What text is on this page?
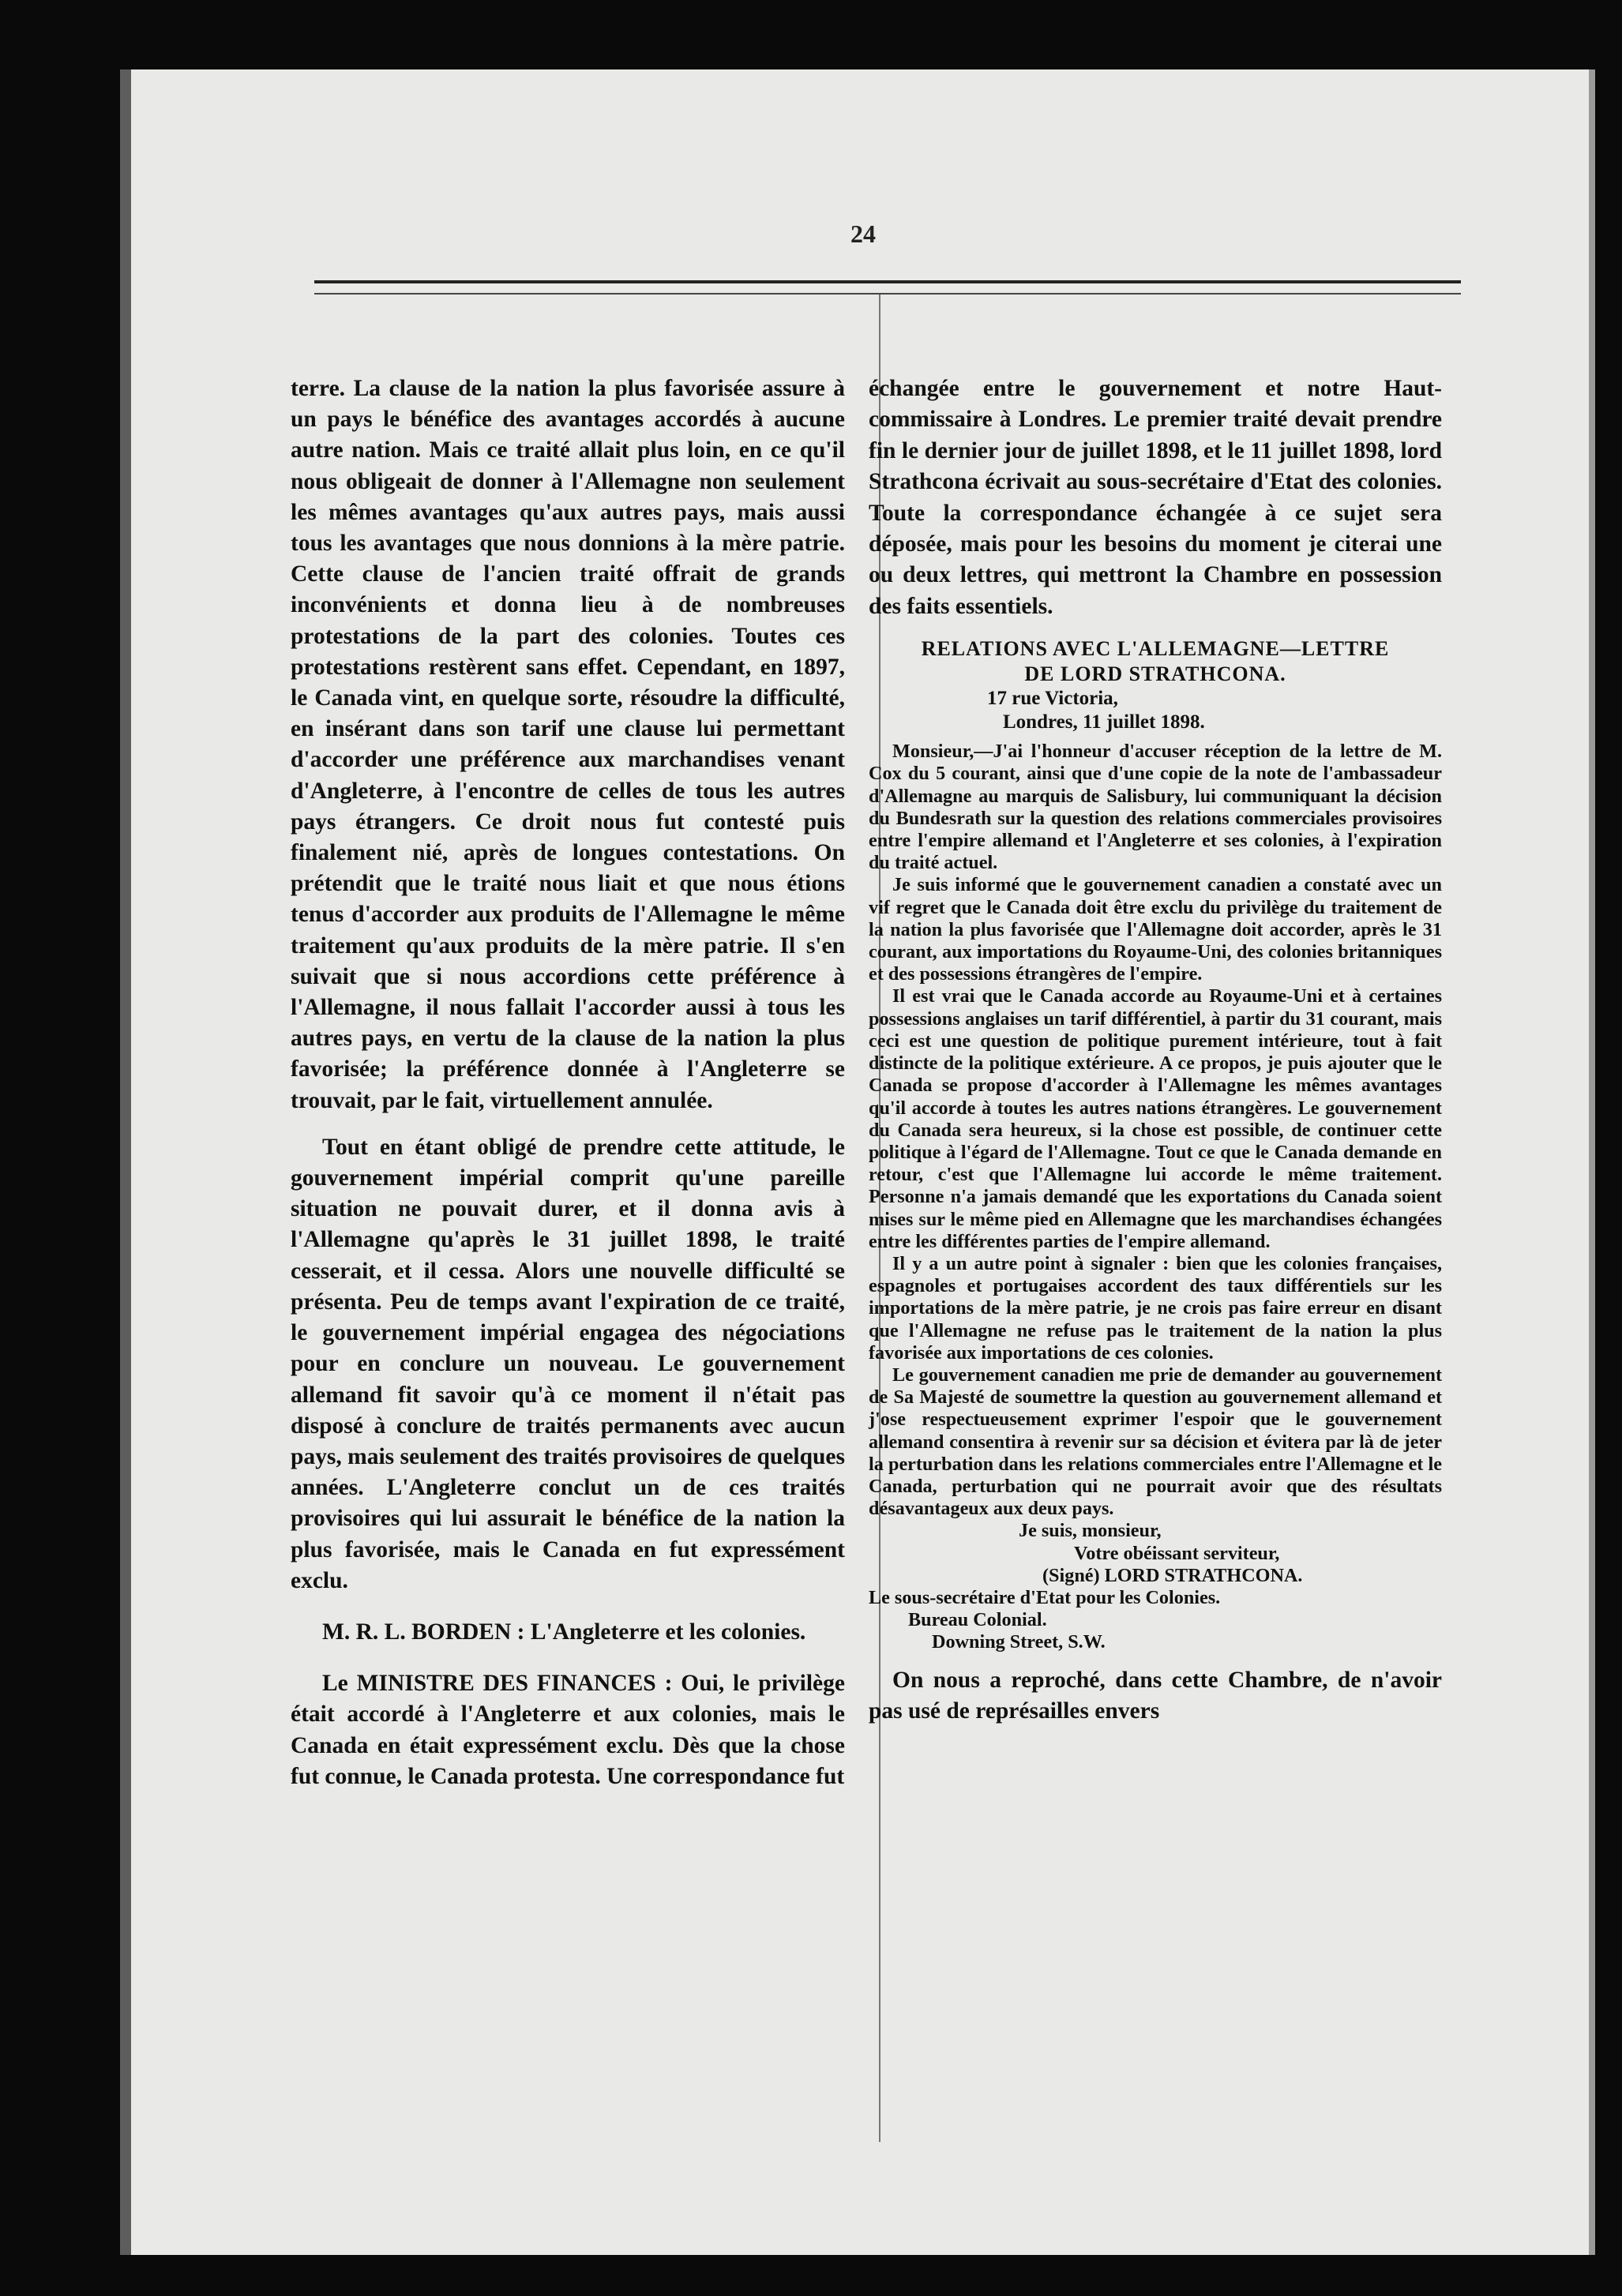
24

terre. La clause de la nation la plus favorisée assure à un pays le bénéfice des avantages accordés à aucune autre nation. Mais ce traité allait plus loin, en ce qu'il nous obligeait de donner à l'Allemagne non seulement les mêmes avantages qu'aux autres pays, mais aussi tous les avantages que nous donnions à la mère patrie. Cette clause de l'ancien traité offrait de grands inconvénients et donna lieu à de nombreuses protestations de la part des colonies. Toutes ces protestations restèrent sans effet. Cependant, en 1897, le Canada vint, en quelque sorte, résoudre la difficulté, en insérant dans son tarif une clause lui permettant d'accorder une préférence aux marchandises venant d'Angleterre, à l'encontre de celles de tous les autres pays étrangers. Ce droit nous fut contesté puis finalement nié, après de longues contestations. On prétendit que le traité nous liait et que nous étions tenus d'accorder aux produits de l'Allemagne le même traitement qu'aux produits de la mère patrie. Il s'en suivait que si nous accordions cette préférence à l'Allemagne, il nous fallait l'accorder aussi à tous les autres pays, en vertu de la clause de la nation la plus favorisée; la préférence donnée à l'Angleterre se trouvait, par le fait, virtuellement annulée.

Tout en étant obligé de prendre cette attitude, le gouvernement impérial comprit qu'une pareille situation ne pouvait durer, et il donna avis à l'Allemagne qu'après le 31 juillet 1898, le traité cesserait, et il cessa. Alors une nouvelle difficulté se présenta. Peu de temps avant l'expiration de ce traité, le gouvernement impérial engagea des négociations pour en conclure un nouveau. Le gouvernement allemand fit savoir qu'à ce moment il n'était pas disposé à conclure de traités permanents avec aucun pays, mais seulement des traités provisoires de quelques années. L'Angleterre conclut un de ces traités provisoires qui lui assurait le bénéfice de la nation la plus favorisée, mais le Canada en fut expressément exclu.

M. R. L. BORDEN : L'Angleterre et les colonies.

Le MINISTRE DES FINANCES : Oui, le privilège était accordé à l'Angleterre et aux colonies, mais le Canada en était expressément exclu. Dès que la chose fut connue, le Canada protesta. Une correspondance fut

échangée entre le gouvernement et notre Haut-commissaire à Londres. Le premier traité devait prendre fin le dernier jour de juillet 1898, et le 11 juillet 1898, lord Strathcona écrivait au sous-secrétaire d'Etat des colonies. Toute la correspondance échangée à ce sujet sera déposée, mais pour les besoins du moment je citerai une ou deux lettres, qui mettront la Chambre en possession des faits essentiels.

RELATIONS AVEC L'ALLEMAGNE—LETTRE
DE LORD STRATHCONA.
17 rue Victoria,
Londres, 11 juillet 1898.

Monsieur,—J'ai l'honneur d'accuser réception de la lettre de M. Cox du 5 courant, ainsi que d'une copie de la note de l'ambassadeur d'Allemagne au marquis de Salisbury, lui communiquant la décision du Bundesrath sur la question des relations commerciales provisoires entre l'empire allemand et l'Angleterre et ses colonies, à l'expiration du traité actuel.

Je suis informé que le gouvernement canadien a constaté avec un vif regret que le Canada doit être exclu du privilège du traitement de la nation la plus favorisée que l'Allemagne doit accorder, après le 31 courant, aux importations du Royaume-Uni, des colonies britanniques et des possessions étrangères de l'empire.

Il est vrai que le Canada accorde au Royaume-Uni et à certaines possessions anglaises un tarif différentiel, à partir du 31 courant, mais ceci est une question de politique purement intérieure, tout à fait distincte de la politique extérieure. A ce propos, je puis ajouter que le Canada se propose d'accorder à l'Allemagne les mêmes avantages qu'il accorde à toutes les autres nations étrangères. Le gouvernement du Canada sera heureux, si la chose est possible, de continuer cette politique à l'égard de l'Allemagne. Tout ce que le Canada demande en retour, c'est que l'Allemagne lui accorde le même traitement. Personne n'a jamais demandé que les exportations du Canada soient mises sur le même pied en Allemagne que les marchandises échangées entre les différentes parties de l'empire allemand.

Il y a un autre point à signaler : bien que les colonies françaises, espagnoles et portugaises accordent des taux différentiels sur les importations de la mère patrie, je ne crois pas faire erreur en disant que l'Allemagne ne refuse pas le traitement de la nation la plus favorisée aux importations de ces colonies.

Le gouvernement canadien me prie de demander au gouvernement de Sa Majesté de soumettre la question au gouvernement allemand et j'ose respectueusement exprimer l'espoir que le gouvernement allemand consentira à revenir sur sa décision et évitera par là de jeter la perturbation dans les relations commerciales entre l'Allemagne et le Canada, perturbation qui ne pourrait avoir que des résultats désavantageux aux deux pays.

Je suis, monsieur,

Votre obéissant serviteur,

(Signé) LORD STRATHCONA.

Le sous-secrétaire d'Etat pour les Colonies.

Bureau Colonial.

Downing Street, S.W.

On nous a reproché, dans cette Chambre, de n'avoir pas usé de représailles envers
